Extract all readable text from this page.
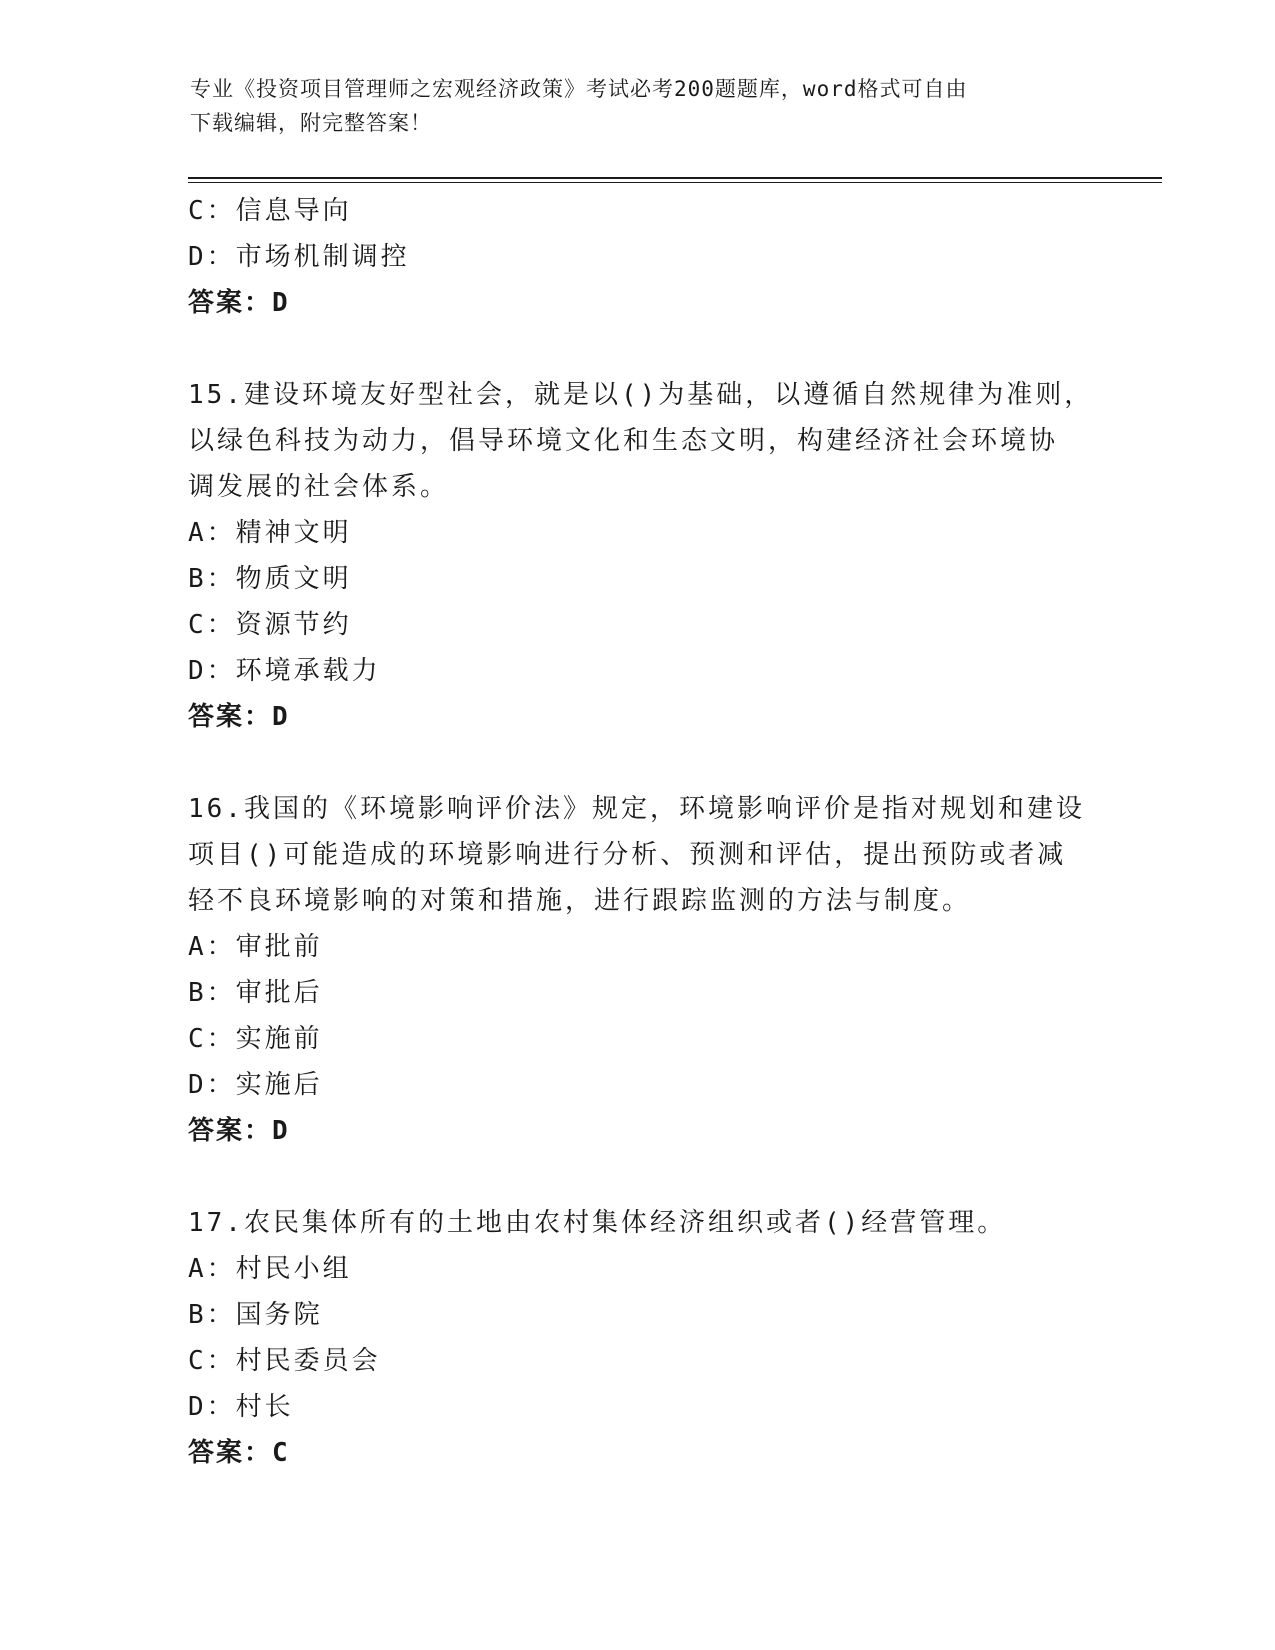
专业《投资项目管理师之宏观经济政策》考试必考200题题库，word格式可自由
下载编辑，附完整答案！
C：信息导向
D：市场机制调控
答案：D
15.建设环境友好型社会，就是以()为基础，以遵循自然规律为准则，
以绿色科技为动力，倡导环境文化和生态文明，构建经济社会环境协
调发展的社会体系。
A：精神文明
B：物质文明
C：资源节约
D：环境承载力
答案：D
16.我国的《环境影响评价法》规定，环境影响评价是指对规划和建设
项目()可能造成的环境影响进行分析、预测和评估，提出预防或者减
轻不良环境影响的对策和措施，进行跟踪监测的方法与制度。
A：审批前
B：审批后
C：实施前
D：实施后
答案：D
17.农民集体所有的土地由农村集体经济组织或者()经营管理。
A：村民小组
B：国务院
C：村民委员会
D：村长
答案：C
